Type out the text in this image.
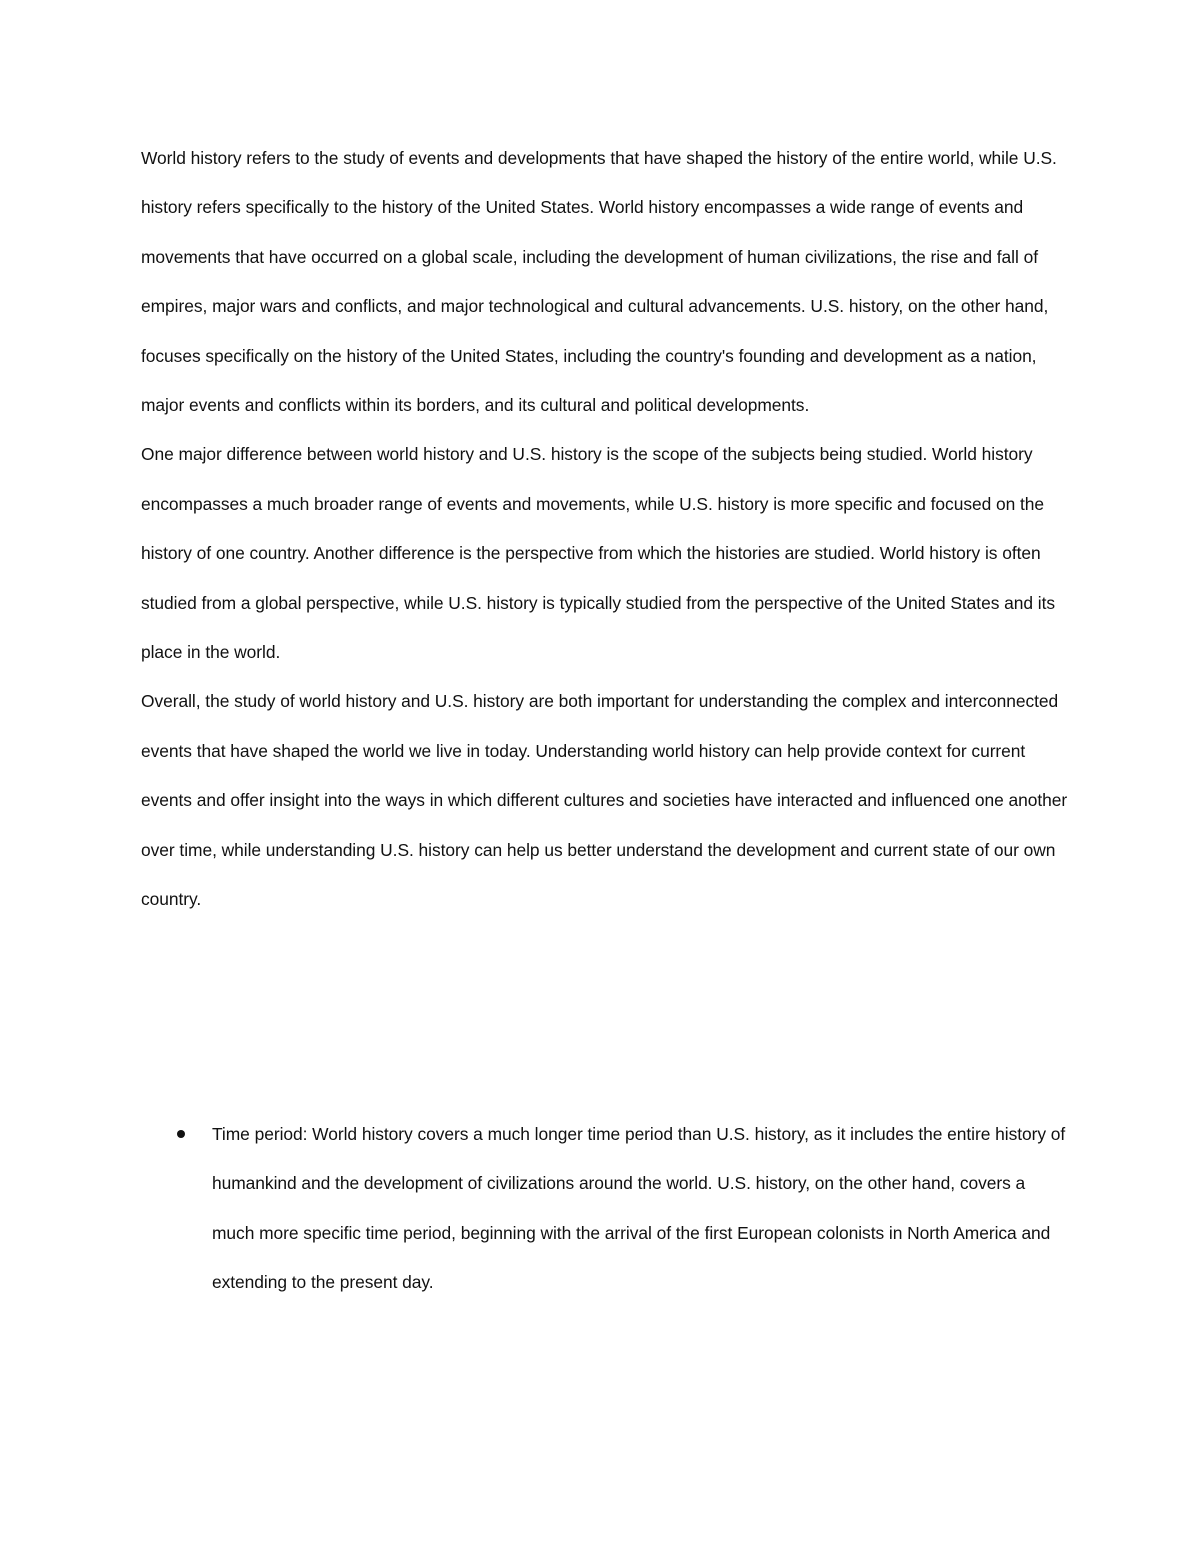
World history refers to the study of events and developments that have shaped the history of the entire world, while U.S. history refers specifically to the history of the United States. World history encompasses a wide range of events and movements that have occurred on a global scale, including the development of human civilizations, the rise and fall of empires, major wars and conflicts, and major technological and cultural advancements. U.S. history, on the other hand, focuses specifically on the history of the United States, including the country's founding and development as a nation, major events and conflicts within its borders, and its cultural and political developments.

One major difference between world history and U.S. history is the scope of the subjects being studied. World history encompasses a much broader range of events and movements, while U.S. history is more specific and focused on the history of one country. Another difference is the perspective from which the histories are studied. World history is often studied from a global perspective, while U.S. history is typically studied from the perspective of the United States and its place in the world.

Overall, the study of world history and U.S. history are both important for understanding the complex and interconnected events that have shaped the world we live in today. Understanding world history can help provide context for current events and offer insight into the ways in which different cultures and societies have interacted and influenced one another over time, while understanding U.S. history can help us better understand the development and current state of our own country.

Time period: World history covers a much longer time period than U.S. history, as it includes the entire history of humankind and the development of civilizations around the world. U.S. history, on the other hand, covers a much more specific time period, beginning with the arrival of the first European colonists in North America and extending to the present day.
